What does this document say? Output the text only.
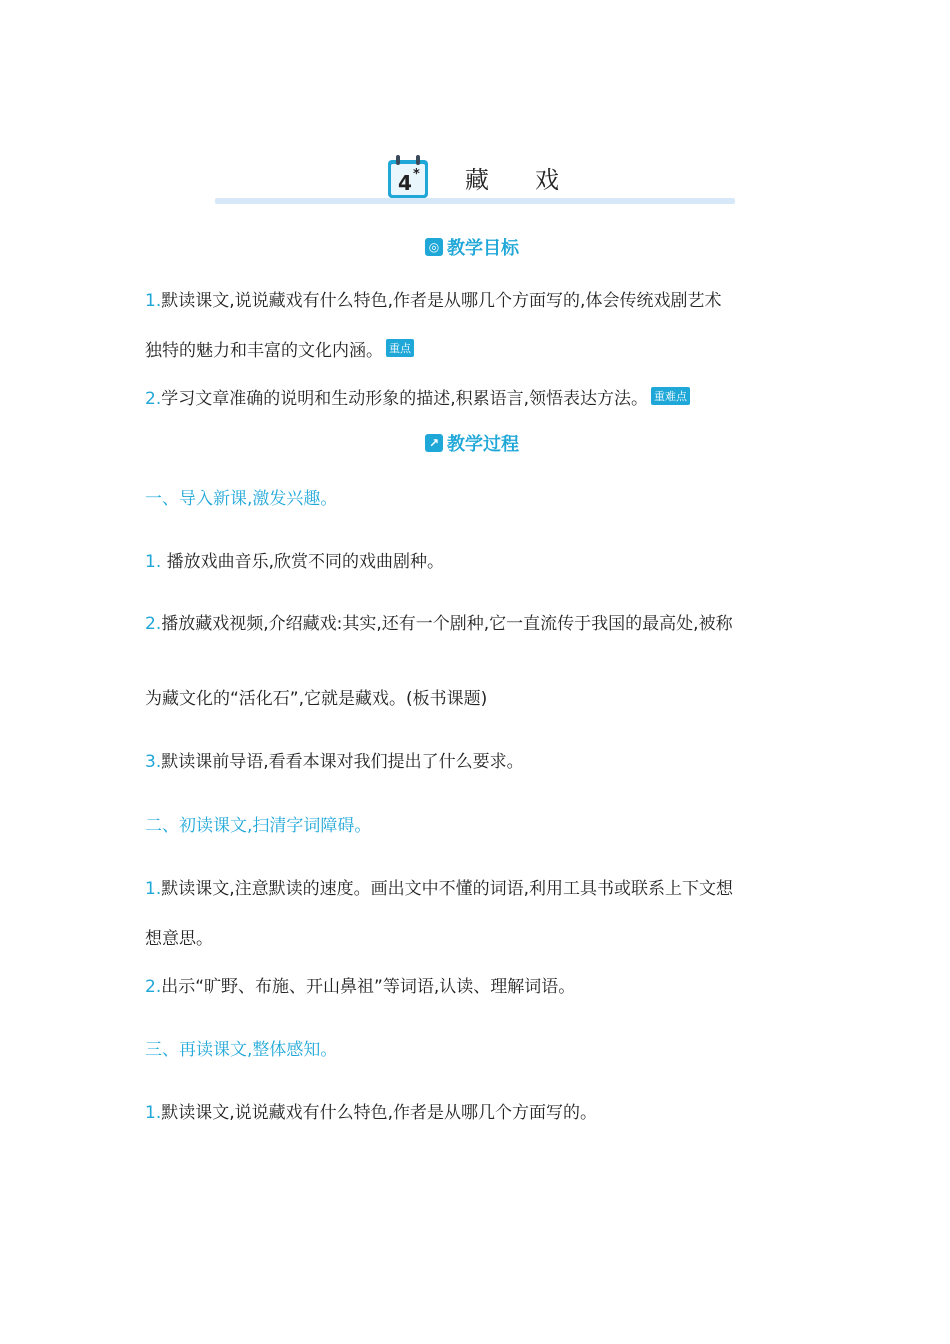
4 * 藏戏
◎ 教学目标
1.默读课文,说说藏戏有什么特色,作者是从哪几个方面写的,体会传统戏剧艺术
独特的魅力和丰富的文化内涵。 重点
2.学习文章准确的说明和生动形象的描述,积累语言,领悟表达方法。 重难点
↗ 教学过程
一、导入新课,激发兴趣。
1. 播放戏曲音乐,欣赏不同的戏曲剧种。
2.播放藏戏视频,介绍藏戏:其实,还有一个剧种,它一直流传于我国的最高处,被称
为藏文化的“活化石”,它就是藏戏。(板书课题)
3.默读课前导语,看看本课对我们提出了什么要求。
二、初读课文,扫清字词障碍。
1.默读课文,注意默读的速度。画出文中不懂的词语,利用工具书或联系上下文想
想意思。
2.出示“旷野、布施、开山鼻祖”等词语,认读、理解词语。
三、再读课文,整体感知。
1.默读课文,说说藏戏有什么特色,作者是从哪几个方面写的。
